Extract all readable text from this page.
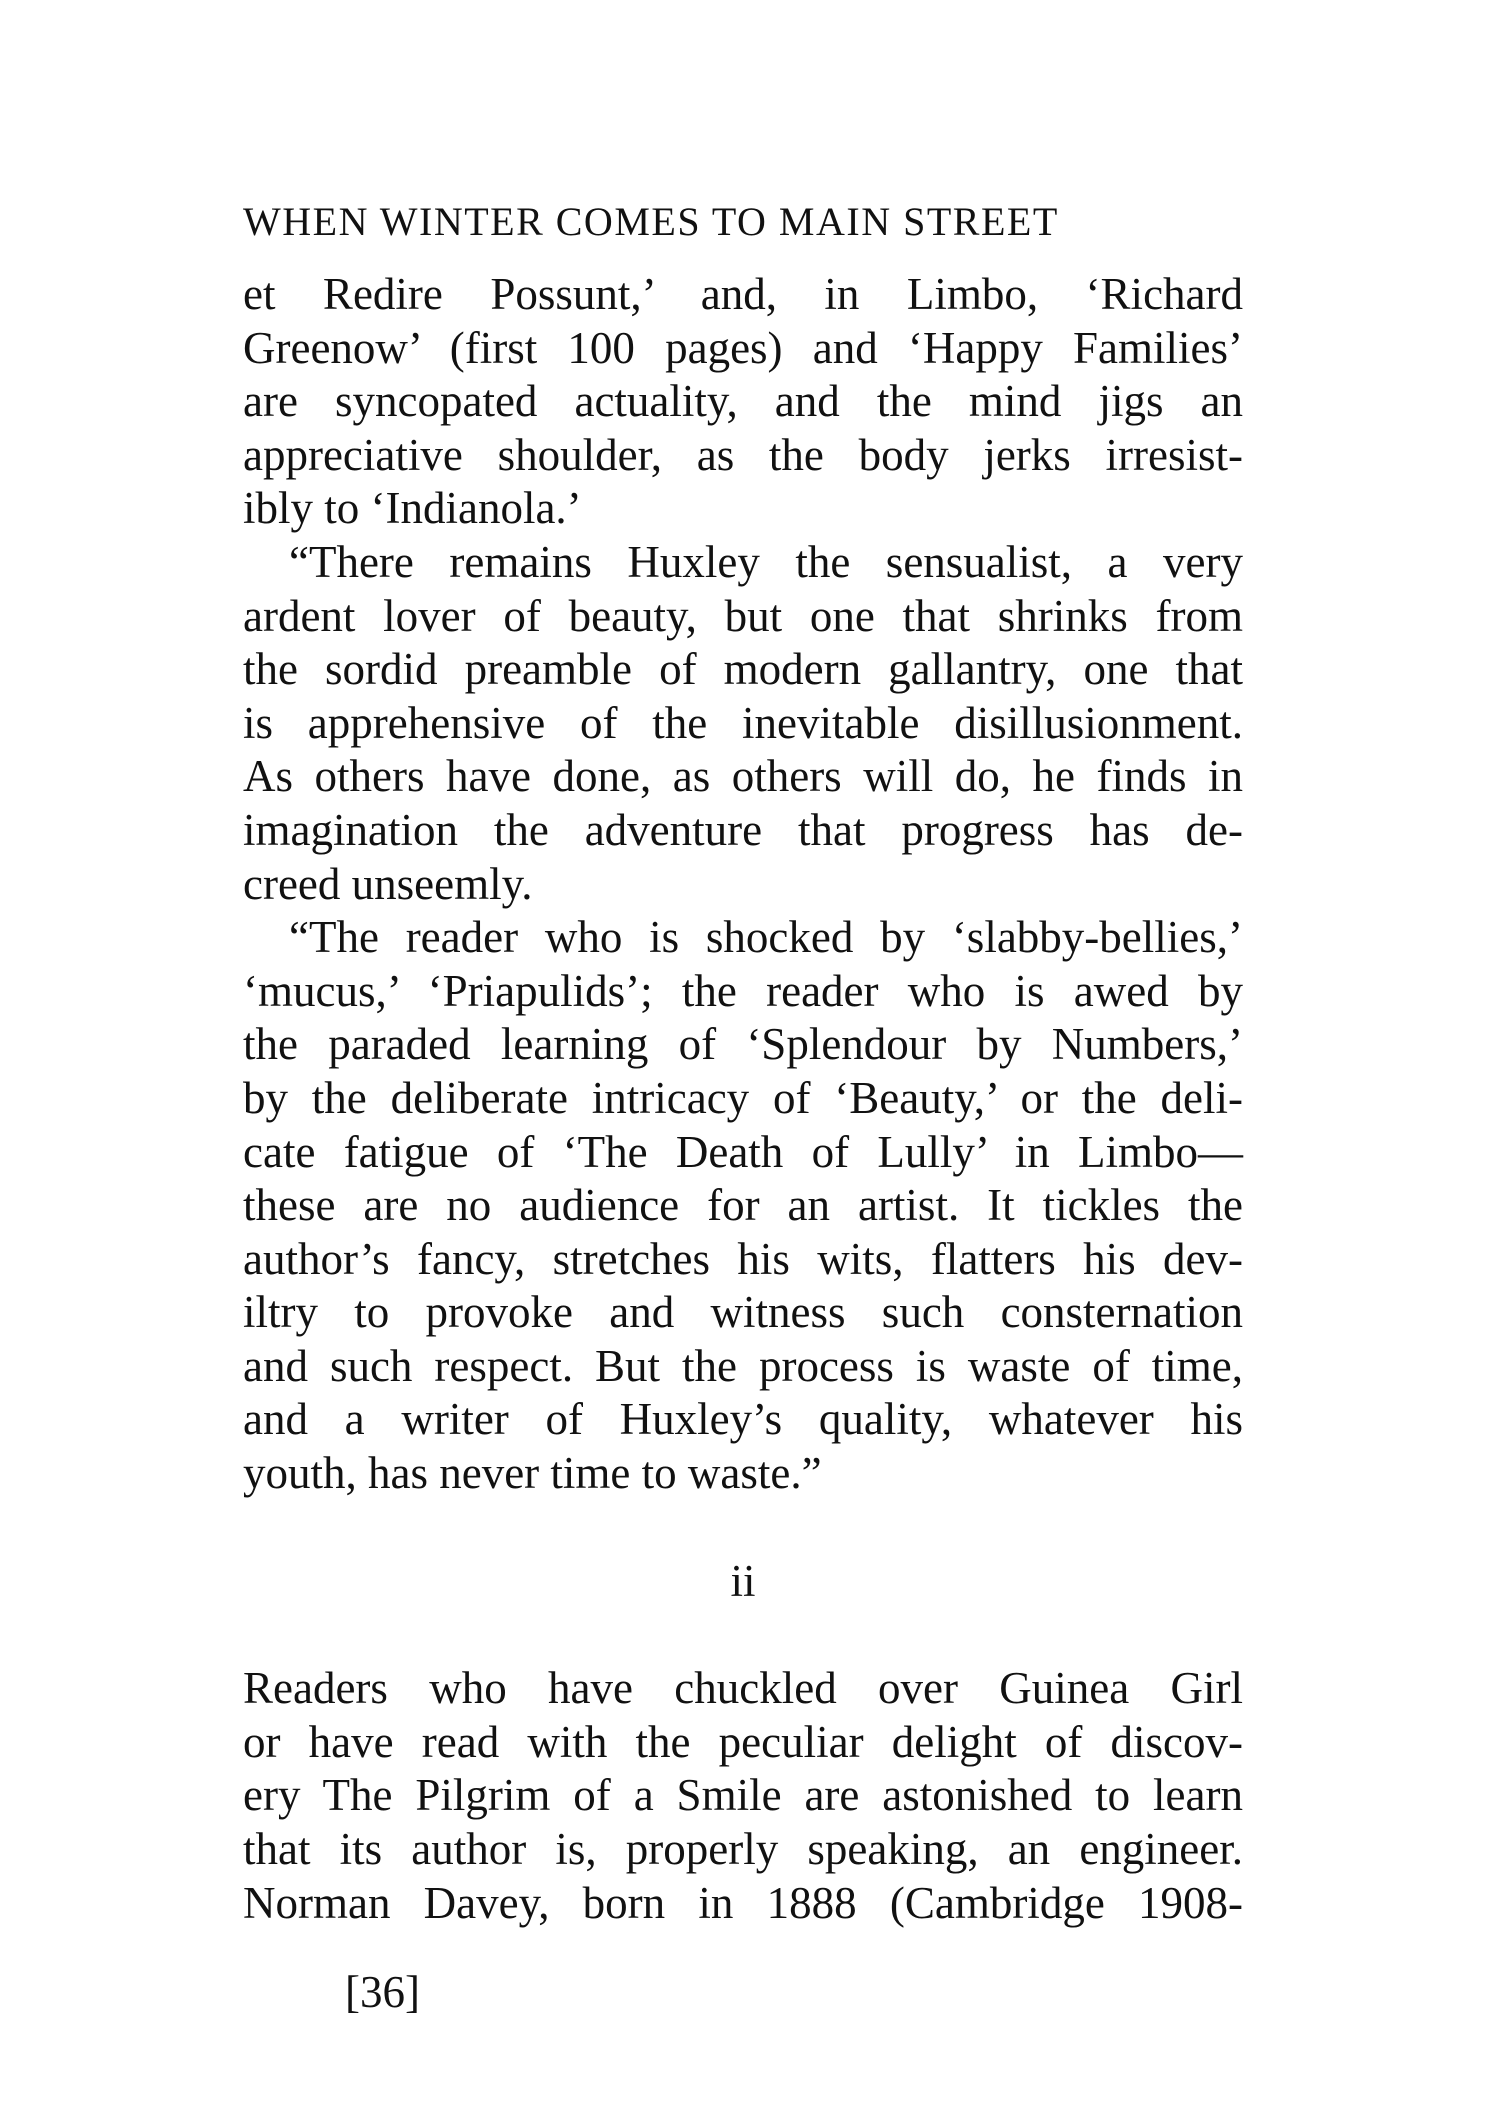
WHEN WINTER COMES TO MAIN STREET
et Redire Possunt,’ and, in Limbo, ‘Richard
Greenow’ (first 100 pages) and ‘Happy Families’
are syncopated actuality, and the mind jigs an
appreciative shoulder, as the body jerks irresist-
ibly to ‘Indianola.’
“There remains Huxley the sensualist, a very
ardent lover of beauty, but one that shrinks from
the sordid preamble of modern gallantry, one that
is apprehensive of the inevitable disillusionment.
As others have done, as others will do, he finds in
imagination the adventure that progress has de-
creed unseemly.
“The reader who is shocked by ‘slabby-bellies,’
‘mucus,’ ‘Priapulids’; the reader who is awed by
the paraded learning of ‘Splendour by Numbers,’
by the deliberate intricacy of ‘Beauty,’ or the deli-
cate fatigue of ‘The Death of Lully’ in Limbo—
these are no audience for an artist. It tickles the
author’s fancy, stretches his wits, flatters his dev-
iltry to provoke and witness such consternation
and such respect. But the process is waste of time,
and a writer of Huxley’s quality, whatever his
youth, has never time to waste.”
ii
Readers who have chuckled over Guinea Girl
or have read with the peculiar delight of discov-
ery The Pilgrim of a Smile are astonished to learn
that its author is, properly speaking, an engineer.
Norman Davey, born in 1888 (Cambridge 1908-
[36]
